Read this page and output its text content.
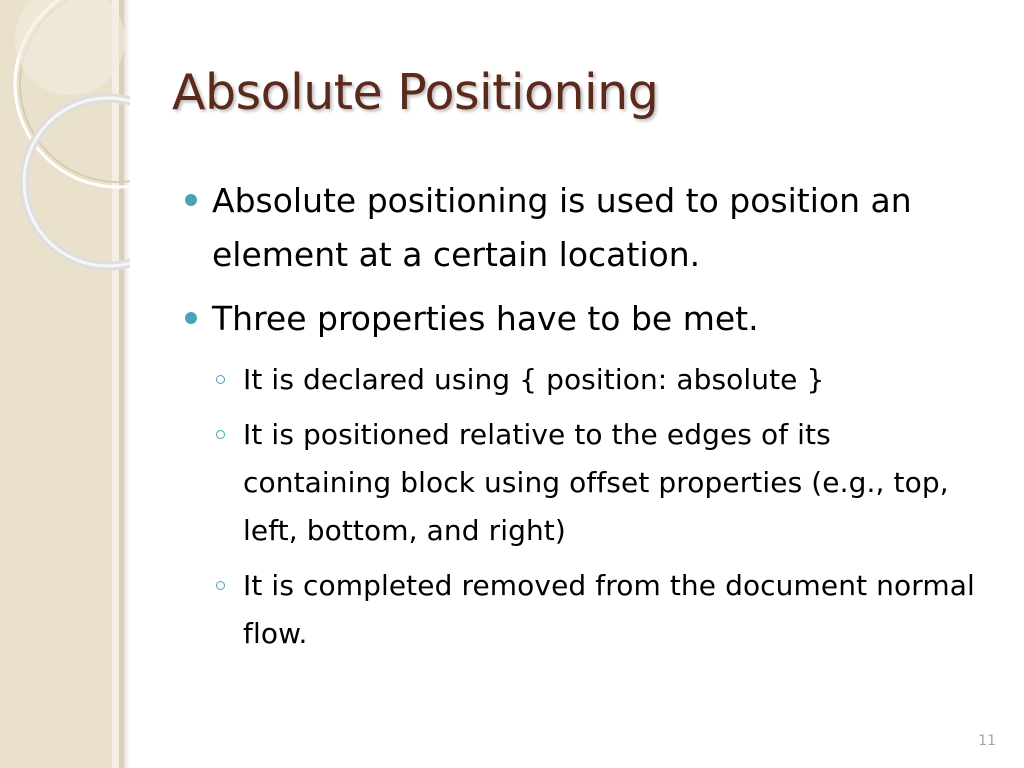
Absolute Positioning
Absolute positioning is used to position an element at a certain location.
Three properties have to be met.
It is declared using { position: absolute }
It is positioned relative to the edges of its containing block using offset properties (e.g., top, left, bottom, and right)
It is completed removed from the document normal flow.
11
